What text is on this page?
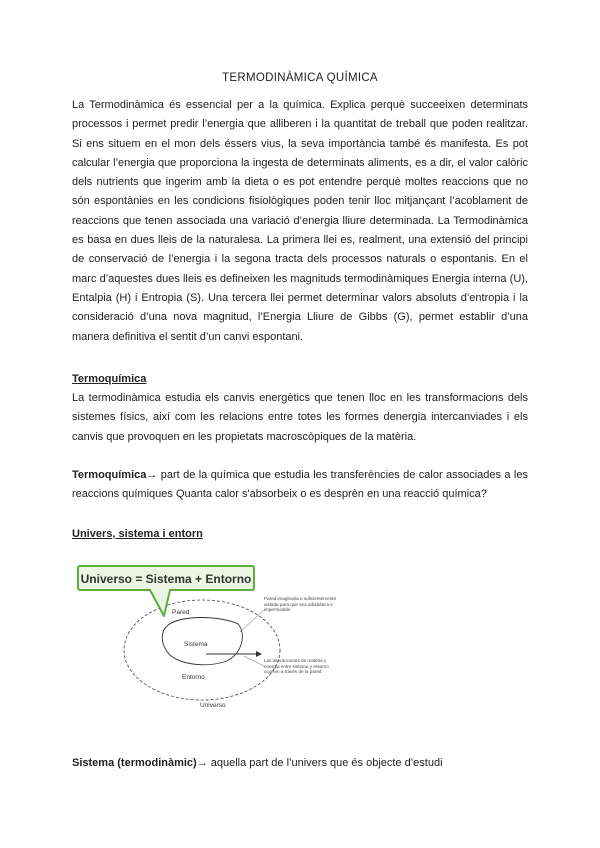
TERMODINÀMICA QUÍMICA

La Termodinàmica és essencial per a la química. Explica perquè succeeixen determinats processos i permet predir l’energia que alliberen i la quantitat de treball que poden realitzar. Si ens situem en el mon dels éssers vius, la seva importància també és manifesta. Es pot calcular l’energia que proporciona la ingesta de determinats aliments, es a dir, el valor calòric dels nutrients que ingerim amb la dieta o es pot entendre perquè moltes reaccions que no són espontànies en les condicions fisiològiques poden tenir lloc mitjançant l’acoblament de reaccions que tenen associada una variació d’energia lliure determinada. La Termodinàmica es basa en dues lleis de la naturalesa. La primera llei es, realment, una extensió del principi de conservació de l’energia i la segona tracta dels processos naturals o espontanis. En el marc d’aquestes dues lleis es defineixen les magnituds termodinàmiques Energia interna (U), Entalpia (H) i Entropia (S). Una tercera llei permet determinar valors absoluts d’entropia i la consideració d’una nova magnitud, l’Energia Lliure de Gibbs (G), permet establir d’una manera definitiva el sentit d’un canvi espontani.

Termoquímica

La termodinàmica estudia els canvis energètics que tenen lloc en les transformacions dels sistemes físics, així com les relacions entre totes les formes denergia intercanviades i els canvis que provoquen en les propietats macroscòpiques de la matèria.

Termoquímica→ part de la química que estudia les transferències de calor associades a les reaccions químiques Quanta calor s'absorbeix o es desprèn en una reacció química?

Univers, sistema i entorn
Universo = Sistema + Entorno
Pared
Sistema
Entorno
Universo
Pared imaginaria o suficientemente aislada para que sea adiabática e impermeable
Las interacciones de materia y energía entre sistema y entorno ocurren a través de la pared

Sistema (termodinàmic)→ aquella part de l’univers que és objecte d’estudi
